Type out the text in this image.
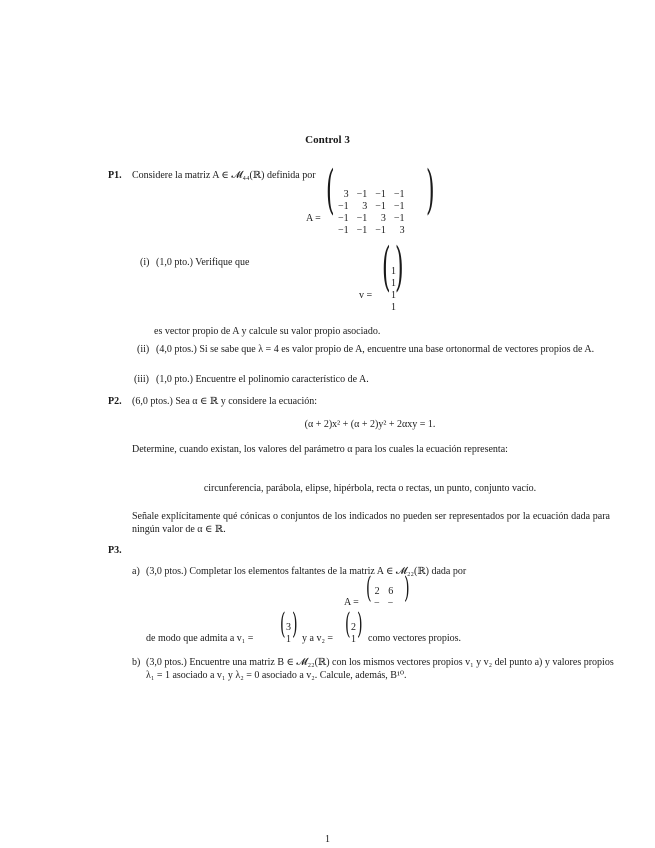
Control 3
P1. Considere la matriz A ∈ 𝓜₄₄(ℝ) definida por
A = ( 3	−1	−1	−1
−1	3	−1	−1
−1	−1	3	−1
−1	−1	−1	3
)
(i) (1,0 pto.) Verifique que
v = ( 1
1
1
1
)
es vector propio de A y calcule su valor propio asociado.
(ii) (4,0 ptos.) Si se sabe que λ = 4 es valor propio de A, encuentre una base ortonormal de vectores propios de A.
(iii) (1,0 pto.) Encuentre el polinomio característico de A.
P2. (6,0 ptos.) Sea α ∈ ℝ y considere la ecuación:
(α + 2)x² + (α + 2)y² + 2αxy = 1.
Determine, cuando existan, los valores del parámetro α para los cuales la ecuación representa:
circunferencia, parábola, elipse, hipérbola, recta o rectas, un punto, conjunto vacío.
Señale explícitamente qué cónicas o conjuntos de los indicados no pueden ser representados por la ecuación dada para ningún valor de α ∈ ℝ.
P3.
a) (3,0 ptos.) Completar los elementos faltantes de la matriz A ∈ 𝓜₂₂(ℝ) dada por
A = ( 2	6
−	− )
de modo que admita a v₁ = ( 3
1 ) y a v₂ = ( 2
1 ) como vectores propios.
b) (3,0 ptos.) Encuentre una matriz B ∈ 𝓜₂₂(ℝ) con los mismos vectores propios v₁ y v₂ del punto a) y valores propios λ₁ = 1 asociado a v₁ y λ₂ = 0 asociado a v₂. Calcule, además, B¹⁰.
1
